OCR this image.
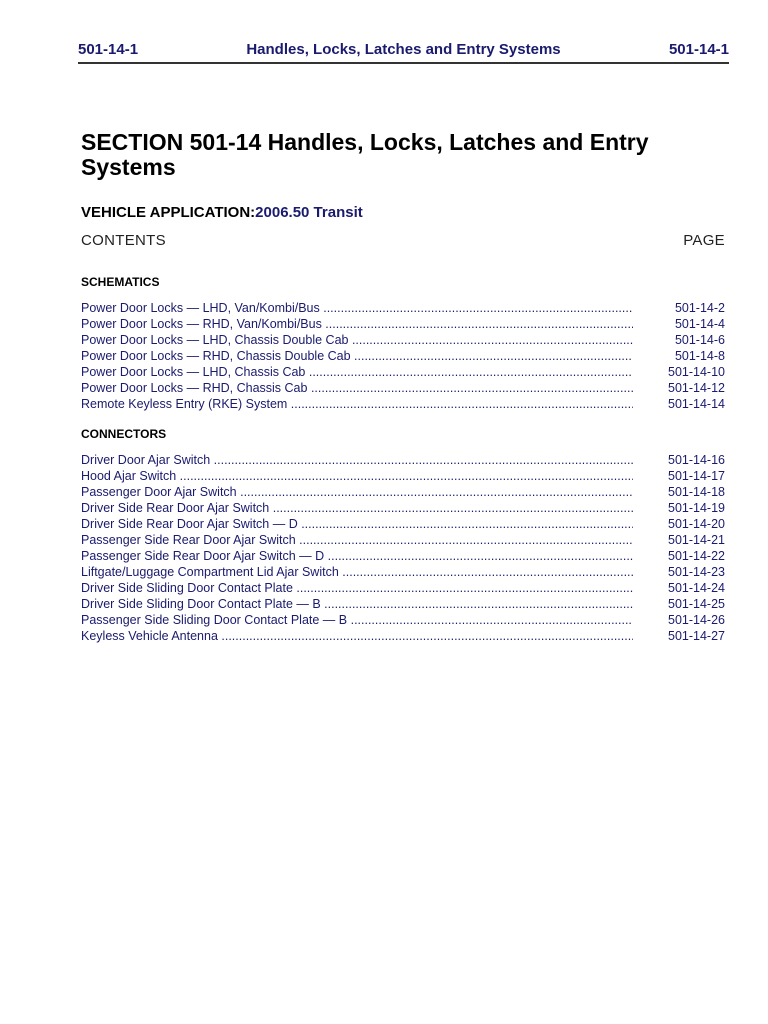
Handles, Locks, Latches and Entry Systems
501-14-1	501-14-1
SECTION 501-14 Handles, Locks, Latches and Entry Systems
VEHICLE APPLICATION:2006.50 Transit
CONTENTS	PAGE
SCHEMATICS
Power Door Locks — LHD, Van/Kombi/Bus .....	501-14-2
Power Door Locks — RHD, Van/Kombi/Bus .....	501-14-4
Power Door Locks — LHD, Chassis Double Cab .....	501-14-6
Power Door Locks — RHD, Chassis Double Cab .....	501-14-8
Power Door Locks — LHD, Chassis Cab .....	501-14-10
Power Door Locks — RHD, Chassis Cab .....	501-14-12
Remote Keyless Entry (RKE) System .....	501-14-14
CONNECTORS
Driver Door Ajar Switch .....	501-14-16
Hood Ajar Switch .....	501-14-17
Passenger Door Ajar Switch .....	501-14-18
Driver Side Rear Door Ajar Switch .....	501-14-19
Driver Side Rear Door Ajar Switch — D .....	501-14-20
Passenger Side Rear Door Ajar Switch .....	501-14-21
Passenger Side Rear Door Ajar Switch — D .....	501-14-22
Liftgate/Luggage Compartment Lid Ajar Switch .....	501-14-23
Driver Side Sliding Door Contact Plate .....	501-14-24
Driver Side Sliding Door Contact Plate — B .....	501-14-25
Passenger Side Sliding Door Contact Plate — B .....	501-14-26
Keyless Vehicle Antenna .....	501-14-27
